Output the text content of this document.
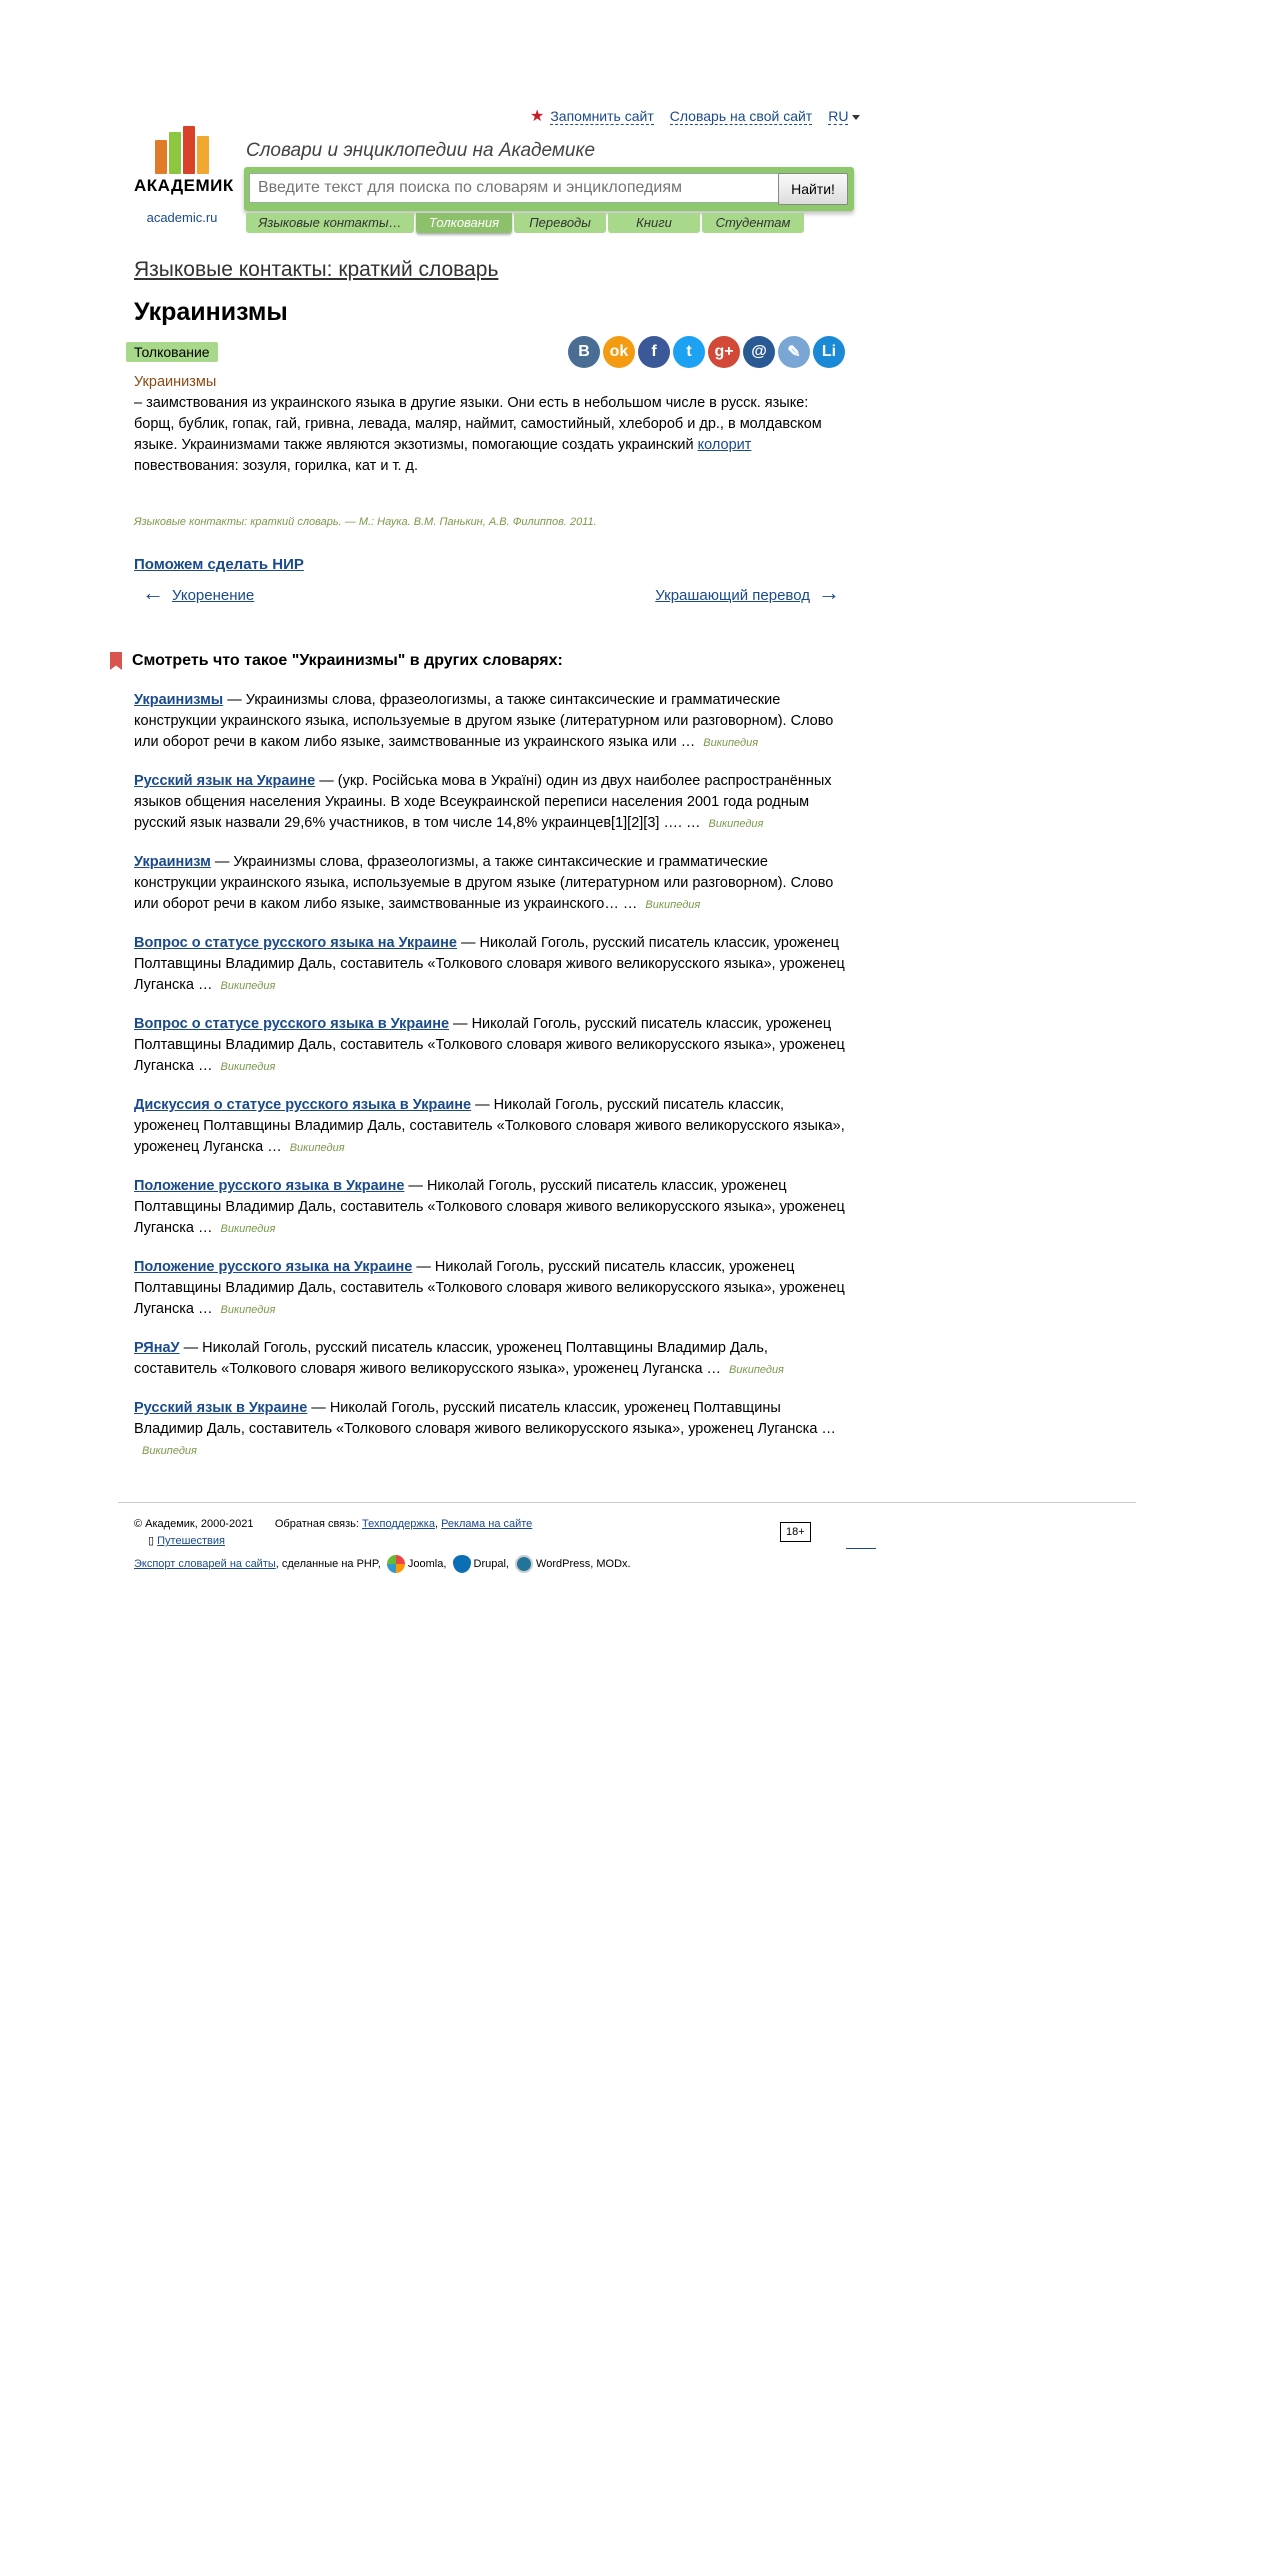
★ Запомнить сайт Словарь на свой сайт RU
АКАДЕМИК
academic.ru
Словари и энциклопедии на Академике
Введите текст для поиска по словарям и энциклопедиям
Найти!
Языковые контакты…	Толкования	Переводы	Книги	Студентам
Языковые контакты: краткий словарь
Украинизмы
Толкование	В	ok	f	t	g+	@	✎	Li
Украинизмы
– заимствования из украинского языка в другие языки. Они есть в небольшом числе в русск. языке: борщ, бублик, гопак, гай, гривна, левада, маляр, наймит, самостийный, хлебороб и др., в молдавском языке. Украинизмами также являются экзотизмы, помогающие создать украинский колорит повествования: зозуля, горилка, кат и т. д.
Языковые контакты: краткий словарь. — М.: Наука. В.М. Панькин, А.В. Филиппов. 2011.
Поможем сделать НИР
← Укоренение	Украшающий перевод →
Смотреть что такое "Украинизмы" в других словарях:
Украинизмы — Украинизмы слова, фразеологизмы, а также синтаксические и грамматические конструкции украинского языка, используемые в другом языке (литературном или разговорном). Слово или оборот речи в каком либо языке, заимствованные из украинского языка или … Википедия
Русский язык на Украине — (укр. Російська мова в Україні) один из двух наиболее распространённых языков общения населения Украины. В ходе Всеукраинской переписи населения 2001 года родным русский язык назвали 29,6% участников, в том числе 14,8% украинцев[1][2][3] …. … Википедия
Украинизм — Украинизмы слова, фразеологизмы, а также синтаксические и грамматические конструкции украинского языка, используемые в другом языке (литературном или разговорном). Слово или оборот речи в каком либо языке, заимствованные из украинского… … Википедия
Вопрос о статусе русского языка на Украине — Николай Гоголь, русский писатель классик, уроженец Полтавщины Владимир Даль, составитель «Толкового словаря живого великорусского языка», уроженец Луганска … Википедия
Вопрос о статусе русского языка в Украине — Николай Гоголь, русский писатель классик, уроженец Полтавщины Владимир Даль, составитель «Толкового словаря живого великорусского языка», уроженец Луганска … Википедия
Дискуссия о статусе русского языка в Украине — Николай Гоголь, русский писатель классик, уроженец Полтавщины Владимир Даль, составитель «Толкового словаря живого великорусского языка», уроженец Луганска … Википедия
Положение русского языка в Украине — Николай Гоголь, русский писатель классик, уроженец Полтавщины Владимир Даль, составитель «Толкового словаря живого великорусского языка», уроженец Луганска … Википедия
Положение русского языка на Украине — Николай Гоголь, русский писатель классик, уроженец Полтавщины Владимир Даль, составитель «Толкового словаря живого великорусского языка», уроженец Луганска … Википедия
РЯнаУ — Николай Гоголь, русский писатель классик, уроженец Полтавщины Владимир Даль, составитель «Толкового словаря живого великорусского языка», уроженец Луганска … Википедия
Русский язык в Украине — Николай Гоголь, русский писатель классик, уроженец Полтавщины Владимир Даль, составитель «Толкового словаря живого великорусского языка», уроженец Луганска …Википедия
© Академик, 2000-2021 Обратная связь: Техподдержка, Реклама на сайте
▯ Путешествия
Экспорт словарей на сайты, сделанные на PHP, Joomla, Drupal, WordPress, MODx.
18+
